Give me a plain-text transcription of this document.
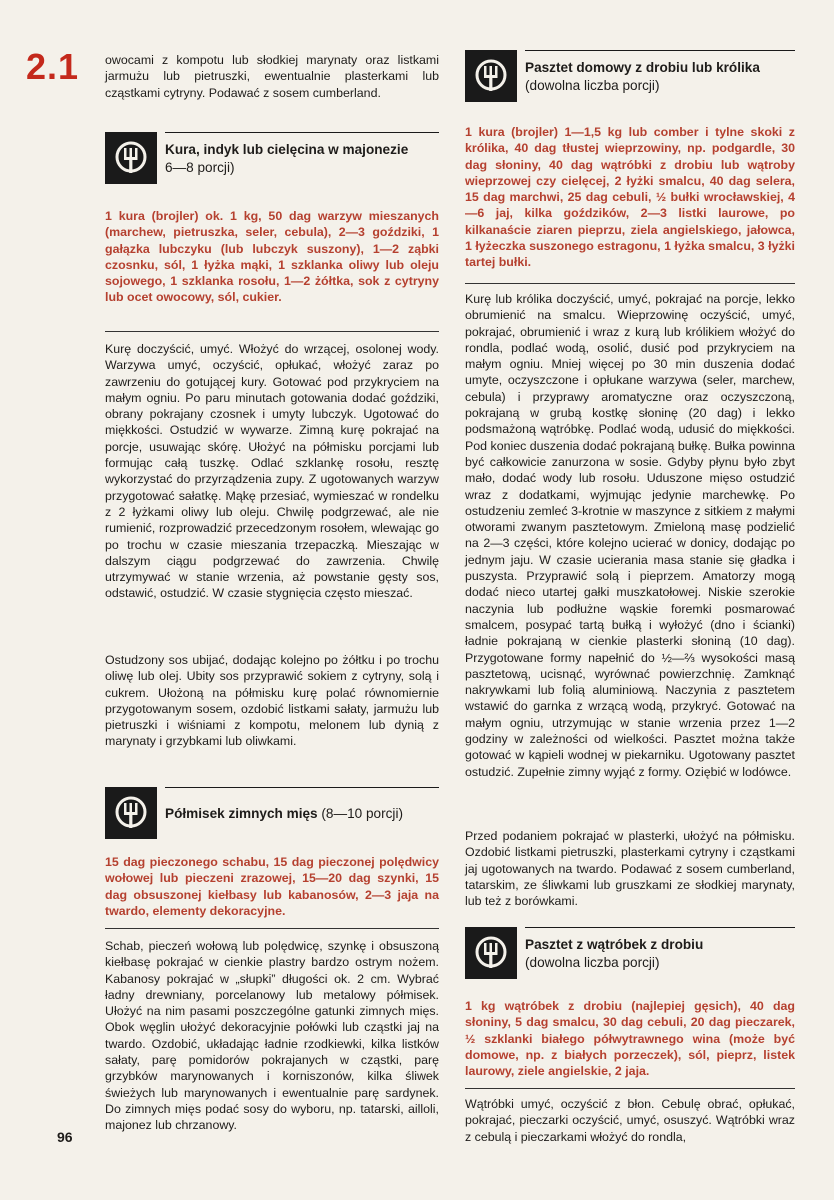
2.1
96

owocami z kompotu lub słodkiej marynaty oraz listkami jarmużu lub pietruszki, ewentualnie plasterkami lub cząstkami cytryny. Podawać z sosem cumberland.

Kura, indyk lub cielęcina w majonezie
6—8 porcji)

1 kura (brojler) ok. 1 kg, 50 dag warzyw mieszanych (marchew, pietruszka, seler, cebula), 2—3 goździki, 1 gałązka lubczyku (lub lubczyk suszony), 1—2 ząbki czosnku, sól, 1 łyżka mąki, 1 szklanka oliwy lub oleju sojowego, 1 szklanka rosołu, 1—2 żółtka, sok z cytryny lub ocet owocowy, sól, cukier.

Kurę doczyścić, umyć. Włożyć do wrzącej, osolonej wody. Warzywa umyć, oczyścić, opłukać, włożyć zaraz po zawrzeniu do gotującej kury. Gotować pod przykryciem na małym ogniu. Po paru minutach gotowania dodać goździki, obrany pokrajany czosnek i umyty lubczyk. Ugotować do miękkości. Ostudzić w wywarze. Zimną kurę pokrajać na porcje, usuwając skórę. Ułożyć na półmisku porcjami lub formując całą tuszkę. Odlać szklankę rosołu, resztę wykorzystać do przyrządzenia zupy. Z ugotowanych warzyw przygotować sałatkę. Mąkę przesiać, wymieszać w rondelku z 2 łyżkami oliwy lub oleju. Chwilę podgrzewać, ale nie rumienić, rozprowadzić przecedzonym rosołem, wlewając go po trochu w czasie mieszania trzepaczką. Mieszając w dalszym ciągu podgrzewać do zawrzenia. Chwilę utrzymywać w stanie wrzenia, aż powstanie gęsty sos, odstawić, ostudzić. W czasie stygnięcia często mieszać.

Ostudzony sos ubijać, dodając kolejno po żółtku i po trochu oliwę lub olej. Ubity sos przyprawić sokiem z cytryny, solą i cukrem. Ułożoną na półmisku kurę polać równomiernie przygotowanym sosem, ozdobić listkami sałaty, jarmużu lub pietruszki i wiśniami z kompotu, melonem lub dynią z marynaty i grzybkami lub oliwkami.

Półmisek zimnych mięs (8—10 porcji)

15 dag pieczonego schabu, 15 dag pieczonej polędwicy wołowej lub pieczeni zrazowej, 15—20 dag szynki, 15 dag obsuszonej kiełbasy lub kabanosów, 2—3 jaja na twardo, elementy dekoracyjne.

Schab, pieczeń wołową lub polędwicę, szynkę i obsuszoną kiełbasę pokrajać w cienkie plastry bardzo ostrym nożem. Kabanosy pokrajać w „słupki” długości ok. 2 cm. Wybrać ładny drewniany, porcelanowy lub metalowy półmisek. Ułożyć na nim pasami poszczególne gatunki zimnych mięs. Obok węglin ułożyć dekoracyjnie połówki lub cząstki jaj na twardo. Ozdobić, układając ładnie rzodkiewki, kilka listków sałaty, parę pomidorów pokrajanych w cząstki, parę grzybków marynowanych i korniszonów, kilka śliwek świeżych lub marynowanych i ewentualnie parę sardynek. Do zimnych mięs podać sosy do wyboru, np. tatarski, ailloli, majonez lub chrzanowy.

Pasztet domowy z drobiu lub królika
(dowolna liczba porcji)

1 kura (brojler) 1—1,5 kg lub comber i tylne skoki z królika, 40 dag tłustej wieprzowiny, np. podgardle, 30 dag słoniny, 40 dag wątróbki z drobiu lub wątroby wieprzowej czy cielęcej, 2 łyżki smalcu, 40 dag selera, 15 dag marchwi, 25 dag cebuli, ½ bułki wrocławskiej, 4—6 jaj, kilka goździków, 2—3 listki laurowe, po kilkanaście ziaren pieprzu, ziela angielskiego, jałowca, 1 łyżeczka suszonego estragonu, 1 łyżka smalcu, 3 łyżki tartej bułki.

Kurę lub królika doczyścić, umyć, pokrajać na porcje, lekko obrumienić na smalcu. Wieprzowinę oczyścić, umyć, pokrajać, obrumienić i wraz z kurą lub królikiem włożyć do rondla, podlać wodą, osolić, dusić pod przykryciem na małym ogniu. Mniej więcej po 30 min duszenia dodać umyte, oczyszczone i opłukane warzywa (seler, marchew, cebula) i przyprawy aromatyczne oraz oczyszczoną, pokrajaną w grubą kostkę słoninę (20 dag) i lekko podsmażoną wątróbkę. Podlać wodą, udusić do miękkości. Pod koniec duszenia dodać pokrajaną bułkę. Bułka powinna być całkowicie zanurzona w sosie. Gdyby płynu było zbyt mało, dodać wody lub rosołu. Uduszone mięso ostudzić wraz z dodatkami, wyjmując jedynie marchewkę. Po ostudzeniu zemleć 3-krotnie w maszynce z sitkiem z małymi otworami zwanym pasztetowym. Zmieloną masę podzielić na 2—3 części, które kolejno ucierać w donicy, dodając po jednym jaju. W czasie ucierania masa stanie się gładka i puszysta. Przyprawić solą i pieprzem. Amatorzy mogą dodać nieco utartej gałki muszkatołowej. Niskie szerokie naczynia lub podłużne wąskie foremki posmarować smalcem, posypać tartą bułką i wyłożyć (dno i ścianki) ładnie pokrajaną w cienkie plasterki słoniną (10 dag). Przygotowane formy napełnić do ½—⅔ wysokości masą pasztetową, ucisnąć, wyrównać powierzchnię. Zamknąć nakrywkami lub folią aluminiową. Naczynia z pasztetem wstawić do garnka z wrzącą wodą, przykryć. Gotować na małym ogniu, utrzymując w stanie wrzenia przez 1—2 godziny w zależności od wielkości. Pasztet można także gotować w kąpieli wodnej w piekarniku. Ugotowany pasztet ostudzić. Zupełnie zimny wyjąć z formy. Oziębić w lodówce.

Przed podaniem pokrajać w plasterki, ułożyć na półmisku. Ozdobić listkami pietruszki, plasterkami cytryny i cząstkami jaj ugotowanych na twardo. Podawać z sosem cumberland, tatarskim, ze śliwkami lub gruszkami ze słodkiej marynaty, lub też z borówkami.

Pasztet z wątróbek z drobiu
(dowolna liczba porcji)

1 kg wątróbek z drobiu (najlepiej gęsich), 40 dag słoniny, 5 dag smalcu, 30 dag cebuli, 20 dag pieczarek, ½ szklanki białego półwytrawnego wina (może być domowe, np. z białych porzeczek), sól, pieprz, listek laurowy, ziele angielskie, 2 jaja.

Wątróbki umyć, oczyścić z błon. Cebulę obrać, opłukać, pokrajać, pieczarki oczyścić, umyć, osuszyć. Wątróbki wraz z cebulą i pieczarkami włożyć do rondla,
